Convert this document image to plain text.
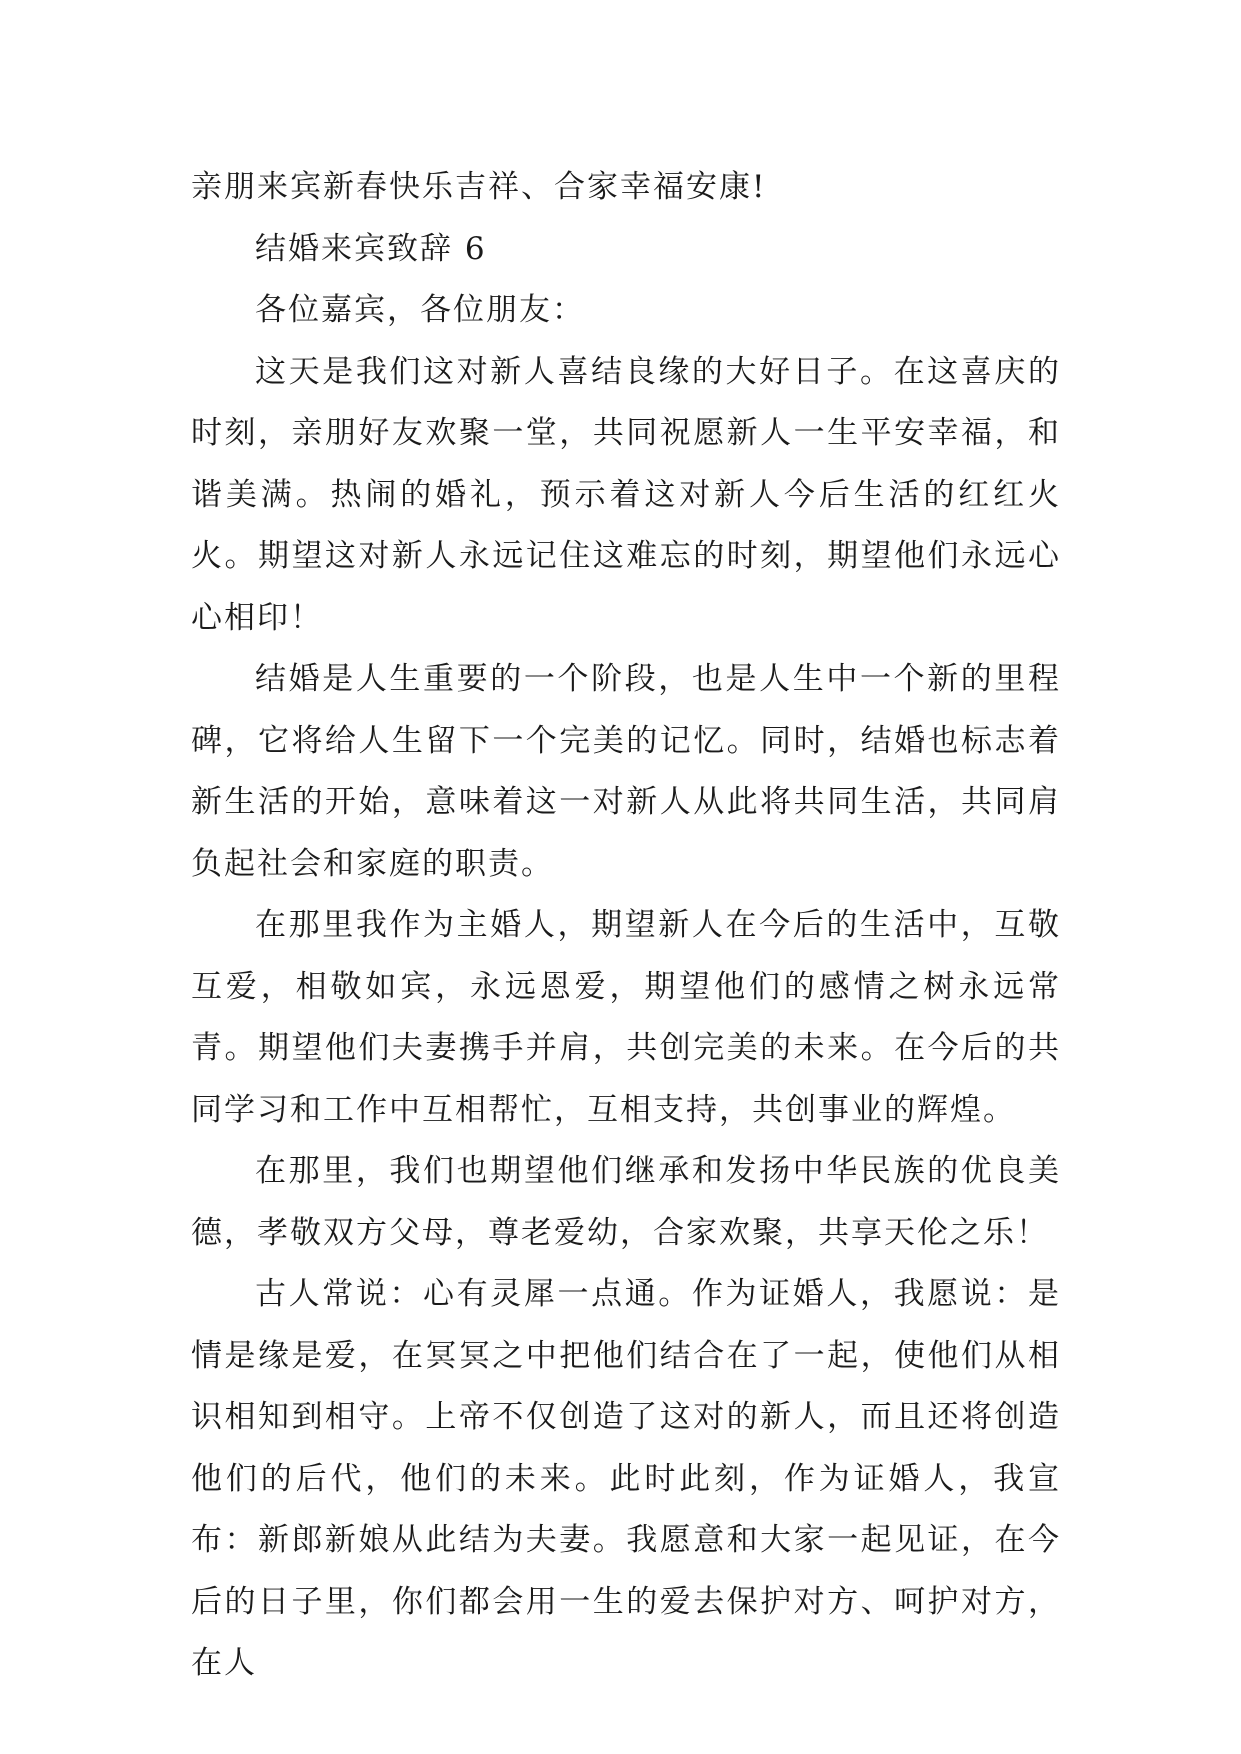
亲朋来宾新春快乐吉祥、合家幸福安康!

结婚来宾致辞 6

各位嘉宾，各位朋友：

这天是我们这对新人喜结良缘的大好日子。在这喜庆的时刻，亲朋好友欢聚一堂，共同祝愿新人一生平安幸福，和谐美满。热闹的婚礼，预示着这对新人今后生活的红红火火。期望这对新人永远记住这难忘的时刻，期望他们永远心心相印！

结婚是人生重要的一个阶段，也是人生中一个新的里程碑，它将给人生留下一个完美的记忆。同时，结婚也标志着新生活的开始，意味着这一对新人从此将共同生活，共同肩负起社会和家庭的职责。

在那里我作为主婚人，期望新人在今后的生活中，互敬互爱，相敬如宾，永远恩爱，期望他们的感情之树永远常青。期望他们夫妻携手并肩，共创完美的未来。在今后的共同学习和工作中互相帮忙，互相支持，共创事业的辉煌。

在那里，我们也期望他们继承和发扬中华民族的优良美德，孝敬双方父母，尊老爱幼，合家欢聚，共享天伦之乐！

古人常说：心有灵犀一点通。作为证婚人，我愿说：是情是缘是爱，在冥冥之中把他们结合在了一起，使他们从相识相知到相守。上帝不仅创造了这对的新人，而且还将创造他们的后代，他们的未来。此时此刻，作为证婚人，我宣布：新郎新娘从此结为夫妻。我愿意和大家一起见证，在今后的日子里，你们都会用一生的爱去保护对方、呵护对方，在人
